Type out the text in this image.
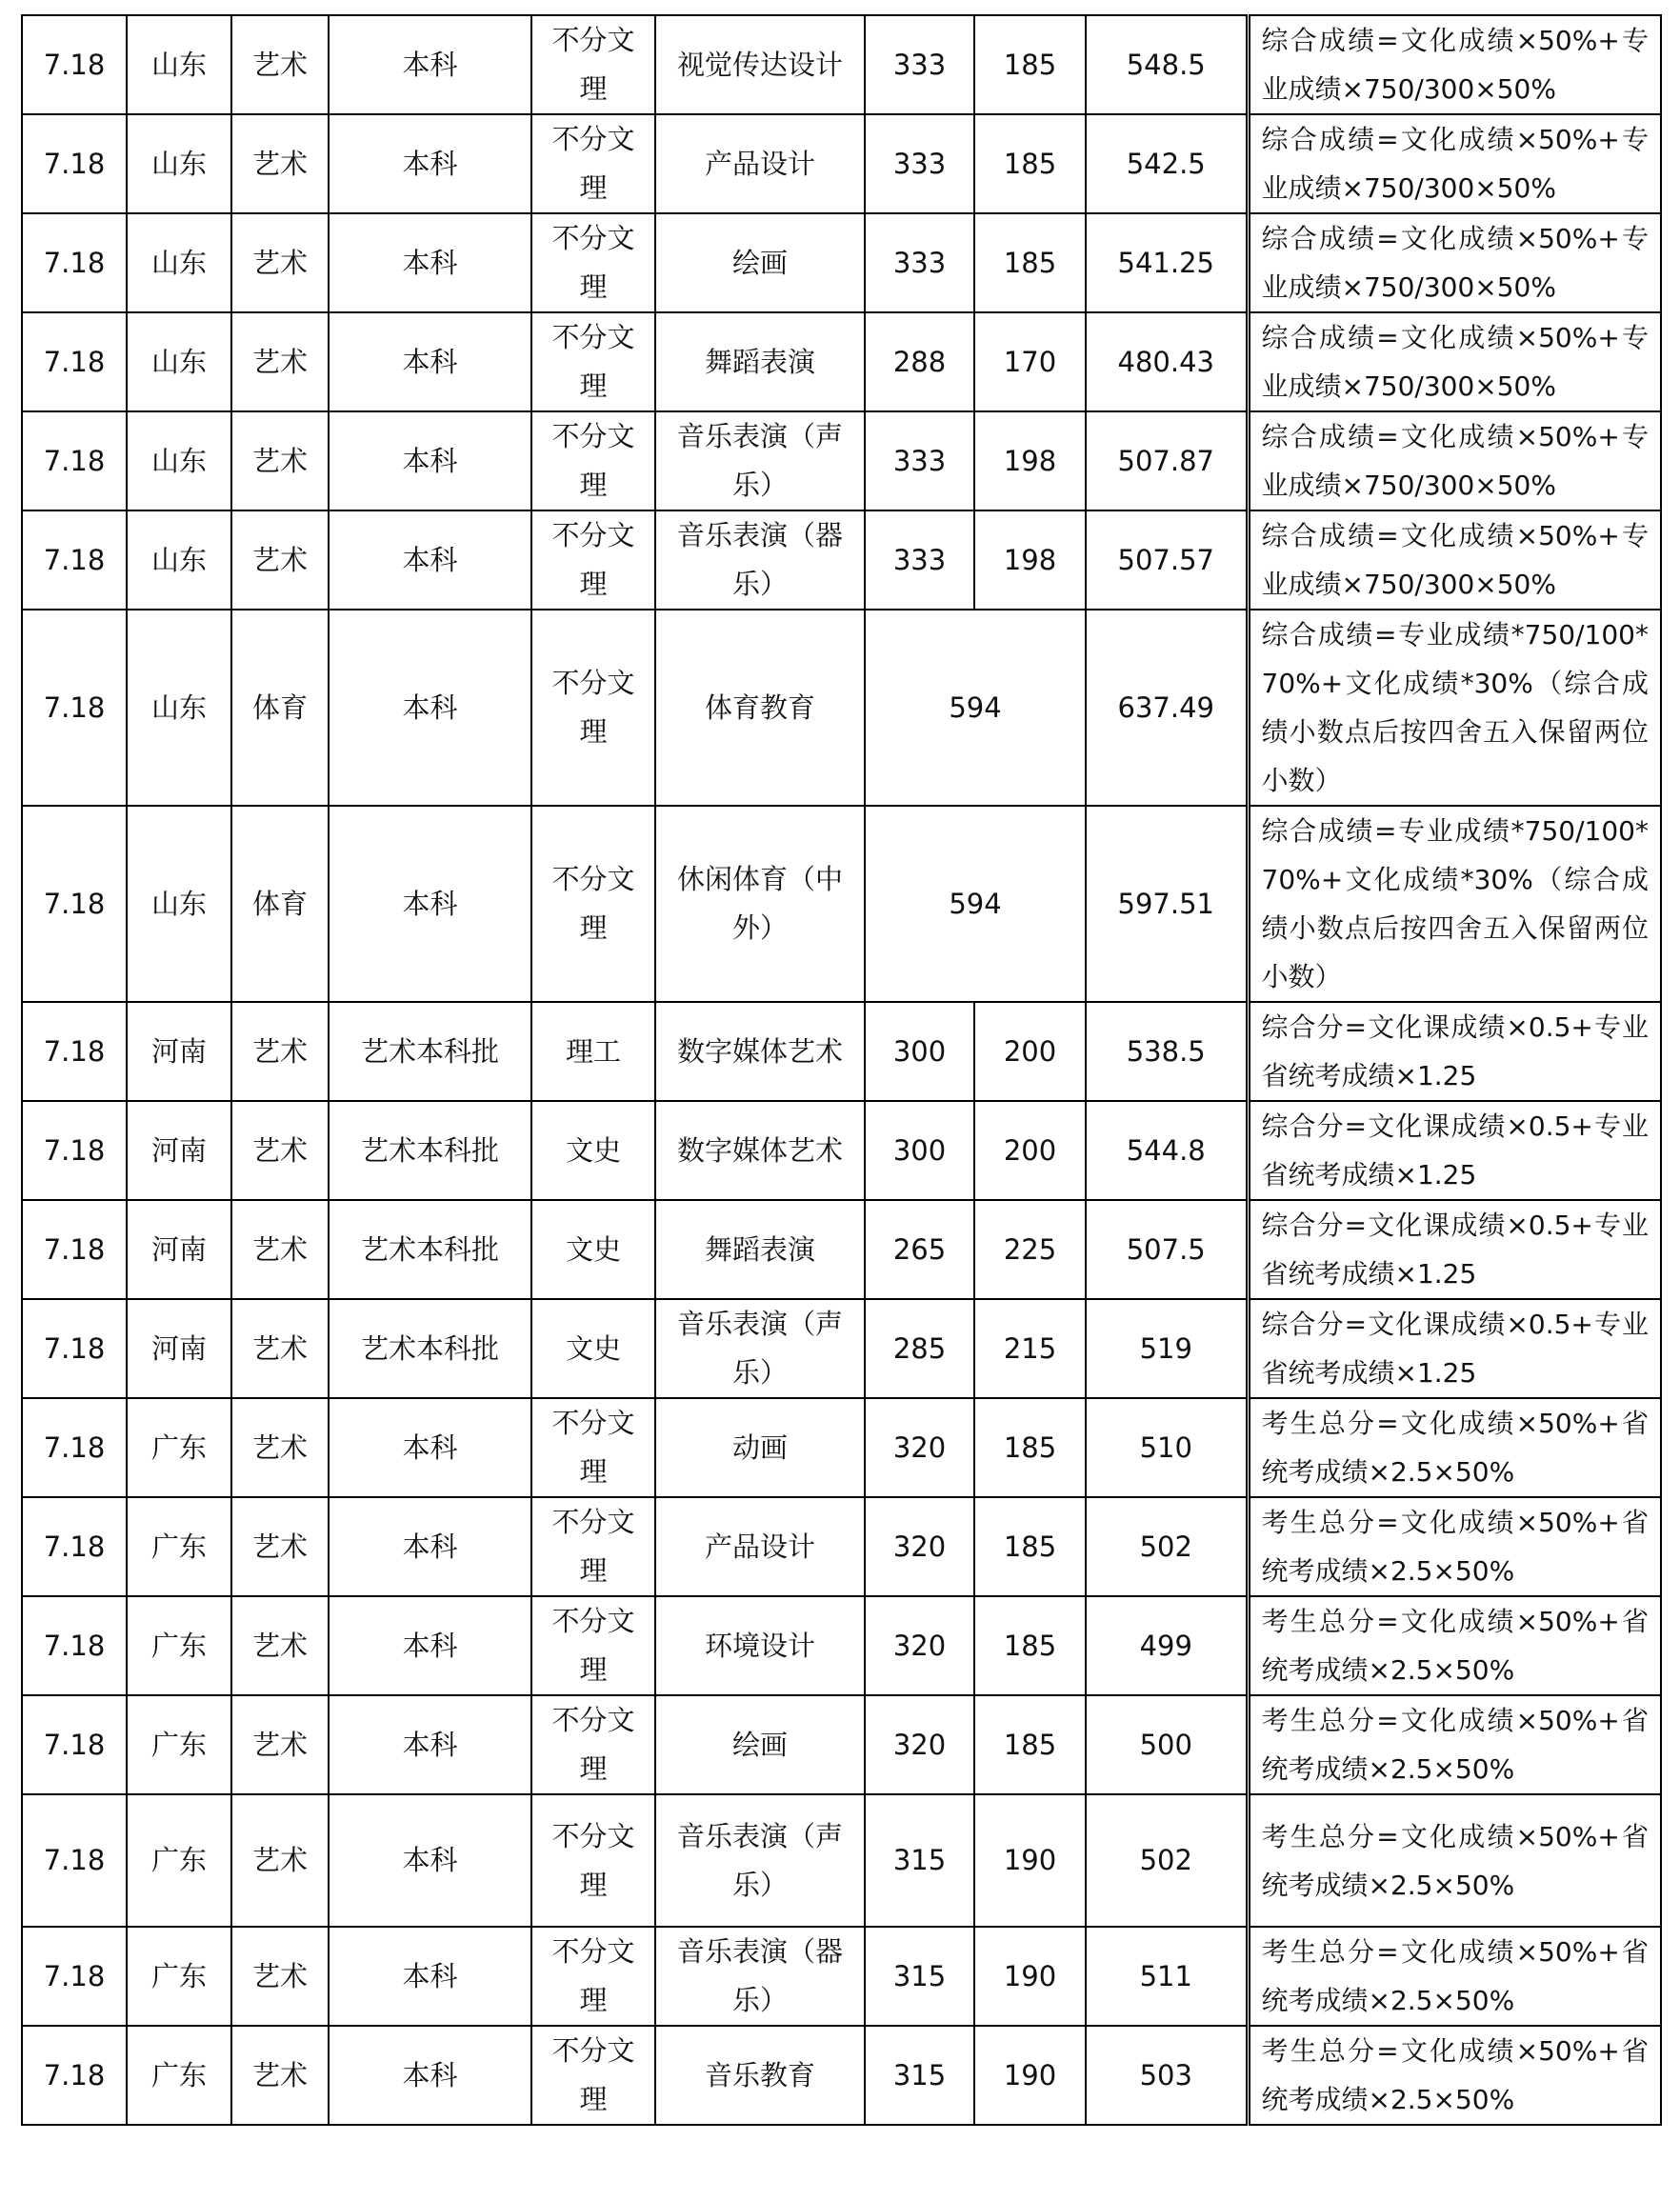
7.18	山东	艺术	本科	不分文理	视觉传达设计	333	185	548.5	综合成绩=文化成绩×50%+专业成绩×750/300×50%
7.18	山东	艺术	本科	不分文理	产品设计	333	185	542.5	综合成绩=文化成绩×50%+专业成绩×750/300×50%
7.18	山东	艺术	本科	不分文理	绘画	333	185	541.25	综合成绩=文化成绩×50%+专业成绩×750/300×50%
7.18	山东	艺术	本科	不分文理	舞蹈表演	288	170	480.43	综合成绩=文化成绩×50%+专业成绩×750/300×50%
7.18	山东	艺术	本科	不分文理	音乐表演（声乐）	333	198	507.87	综合成绩=文化成绩×50%+专业成绩×750/300×50%
7.18	山东	艺术	本科	不分文理	音乐表演（器乐）	333	198	507.57	综合成绩=文化成绩×50%+专业成绩×750/300×50%
7.18	山东	体育	本科	不分文理	体育教育	594		637.49	综合成绩=专业成绩*750/100*70%+文化成绩*30%（综合成绩小数点后按四舍五入保留两位小数）
7.18	山东	体育	本科	不分文理	休闲体育（中外）	594		597.51	综合成绩=专业成绩*750/100*70%+文化成绩*30%（综合成绩小数点后按四舍五入保留两位小数）
7.18	河南	艺术	艺术本科批	理工	数字媒体艺术	300	200	538.5	综合分=文化课成绩×0.5+专业省统考成绩×1.25
7.18	河南	艺术	艺术本科批	文史	数字媒体艺术	300	200	544.8	综合分=文化课成绩×0.5+专业省统考成绩×1.25
7.18	河南	艺术	艺术本科批	文史	舞蹈表演	265	225	507.5	综合分=文化课成绩×0.5+专业省统考成绩×1.25
7.18	河南	艺术	艺术本科批	文史	音乐表演（声乐）	285	215	519	综合分=文化课成绩×0.5+专业省统考成绩×1.25
7.18	广东	艺术	本科	不分文理	动画	320	185	510	考生总分=文化成绩×50%+省统考成绩×2.5×50%
7.18	广东	艺术	本科	不分文理	产品设计	320	185	502	考生总分=文化成绩×50%+省统考成绩×2.5×50%
7.18	广东	艺术	本科	不分文理	环境设计	320	185	499	考生总分=文化成绩×50%+省统考成绩×2.5×50%
7.18	广东	艺术	本科	不分文理	绘画	320	185	500	考生总分=文化成绩×50%+省统考成绩×2.5×50%
7.18	广东	艺术	本科	不分文理	音乐表演（声乐）	315	190	502	考生总分=文化成绩×50%+省统考成绩×2.5×50%
7.18	广东	艺术	本科	不分文理	音乐表演（器乐）	315	190	511	考生总分=文化成绩×50%+省统考成绩×2.5×50%
7.18	广东	艺术	本科	不分文理	音乐教育	315	190	503	考生总分=文化成绩×50%+省统考成绩×2.5×50%
